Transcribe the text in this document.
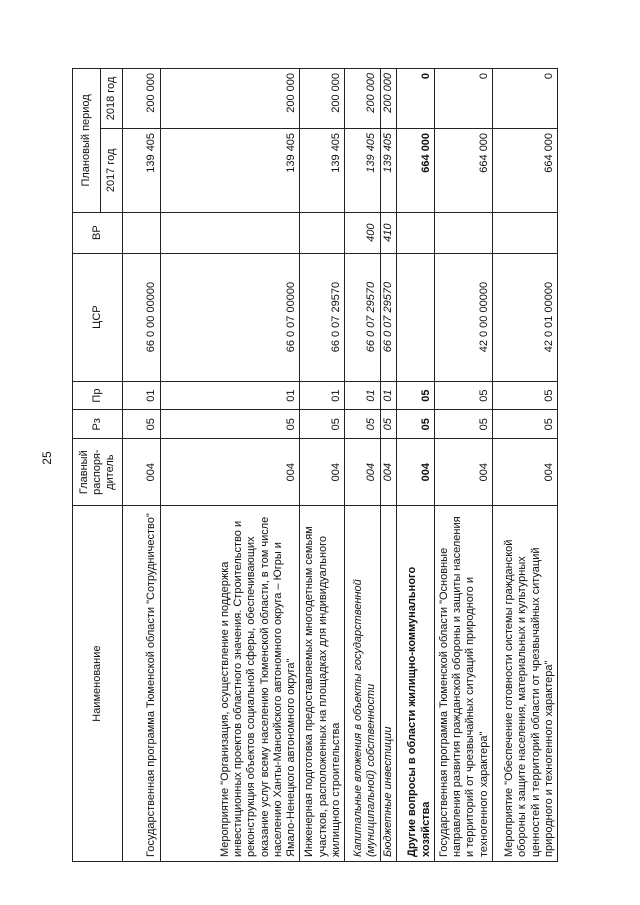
25
Наименование	Главный распоря-дитель	Рз	Пр	ЦСР	ВР	Плановый период	
						2017 год	2018 год
Государственная программа Тюменской области "Сотрудничество"	004	05	01	66 0 00 00000		139 405	200 000
Мероприятие "Организация, осуществление и поддержка инвестиционных проектов областного значения. Строительство и реконструкция объектов социальной сферы, обеспечивающих оказание услуг всему населению Тюменской области, в том числе населению Ханты-Мансийского автономного округа – Югры и Ямало-Ненецкого автономного округа"	004	05	01	66 0 07 00000		139 405	200 000
Инженерная подготовка предоставляемых многодетным семьям участков, расположенных на площадках для индивидуального жилищного строительства	004	05	01	66 0 07 29570		139 405	200 000
Капитальные вложения в объекты государственной (муниципальной) собственности	004	05	01	66 0 07 29570	400	139 405	200 000
Бюджетные инвестиции	004	05	01	66 0 07 29570	410	139 405	200 000
Другие вопросы в области жилищно-коммунального хозяйства	004	05	05			664 000	0
Государственная программа Тюменской области "Основные направления развития гражданской обороны и защиты населения и территорий от чрезвычайных ситуаций природного и техногенного характера"	004	05	05	42 0 00 00000		664 000	0
Мероприятие "Обеспечение готовности системы гражданской обороны к защите населения, материальных и культурных ценностей и территорий области от чрезвычайных ситуаций природного и техногенного характера"	004	05	05	42 0 01 00000		664 000	0
